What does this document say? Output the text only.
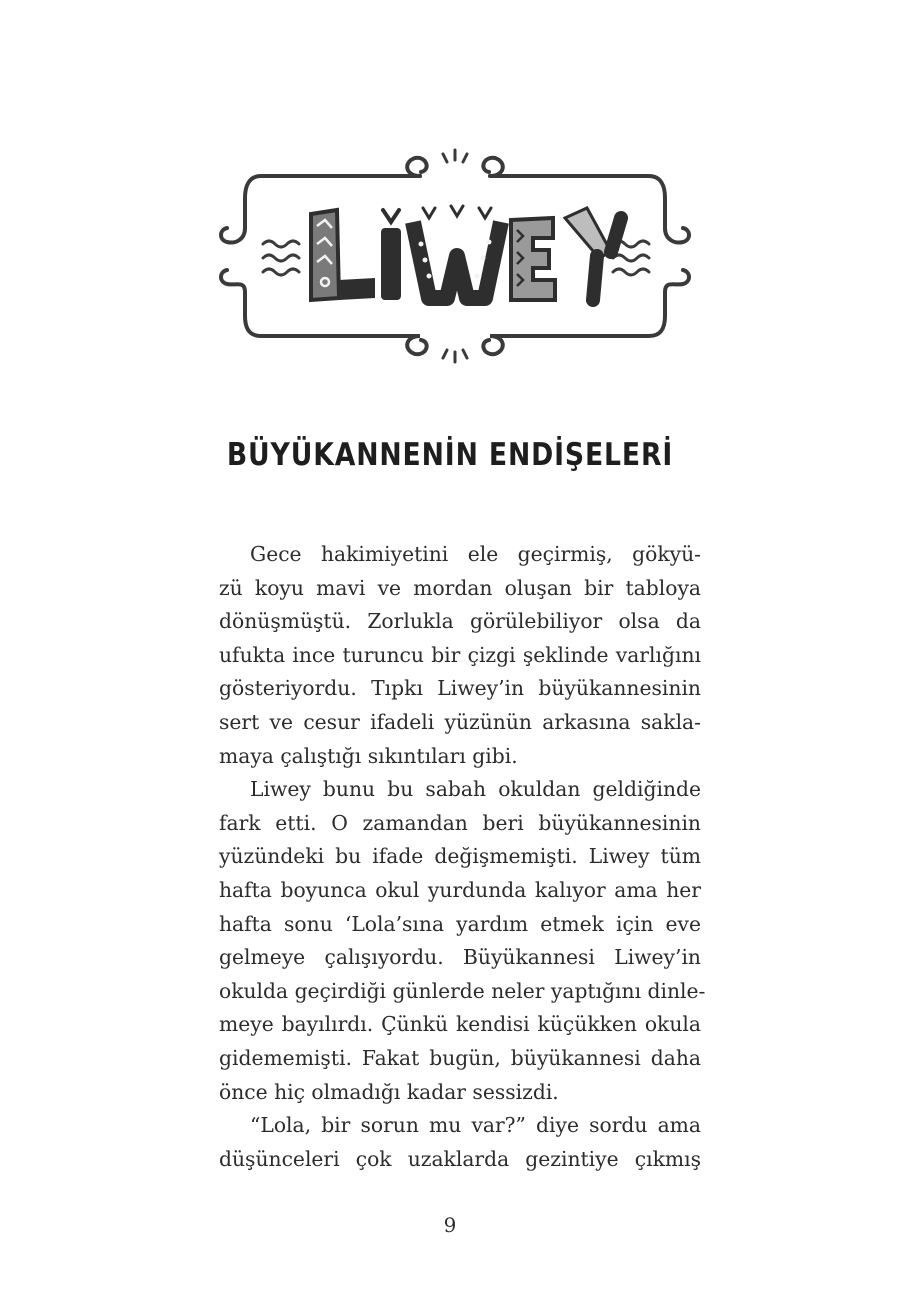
BÜYÜKANNENİN ENDİŞELERİ
Gece hakimiyetini ele geçirmiş, gökyü-
zü koyu mavi ve mordan oluşan bir tabloya
dönüşmüştü. Zorlukla görülebiliyor olsa da
ufukta ince turuncu bir çizgi şeklinde varlığını
gösteriyordu. Tıpkı Liwey’in büyükannesinin
sert ve cesur ifadeli yüzünün arkasına sakla-
maya çalıştığı sıkıntıları gibi.
Liwey bunu bu sabah okuldan geldiğinde
fark etti. O zamandan beri büyükannesinin
yüzündeki bu ifade değişmemişti. Liwey tüm
hafta boyunca okul yurdunda kalıyor ama her
hafta sonu ‘Lola’sına yardım etmek için eve
gelmeye çalışıyordu. Büyükannesi Liwey’in
okulda geçirdiği günlerde neler yaptığını dinle-
meye bayılırdı. Çünkü kendisi küçükken okula
gidememişti. Fakat bugün, büyükannesi daha
önce hiç olmadığı kadar sessizdi.
“Lola, bir sorun mu var?” diye sordu ama
düşünceleri çok uzaklarda gezintiye çıkmış
9
